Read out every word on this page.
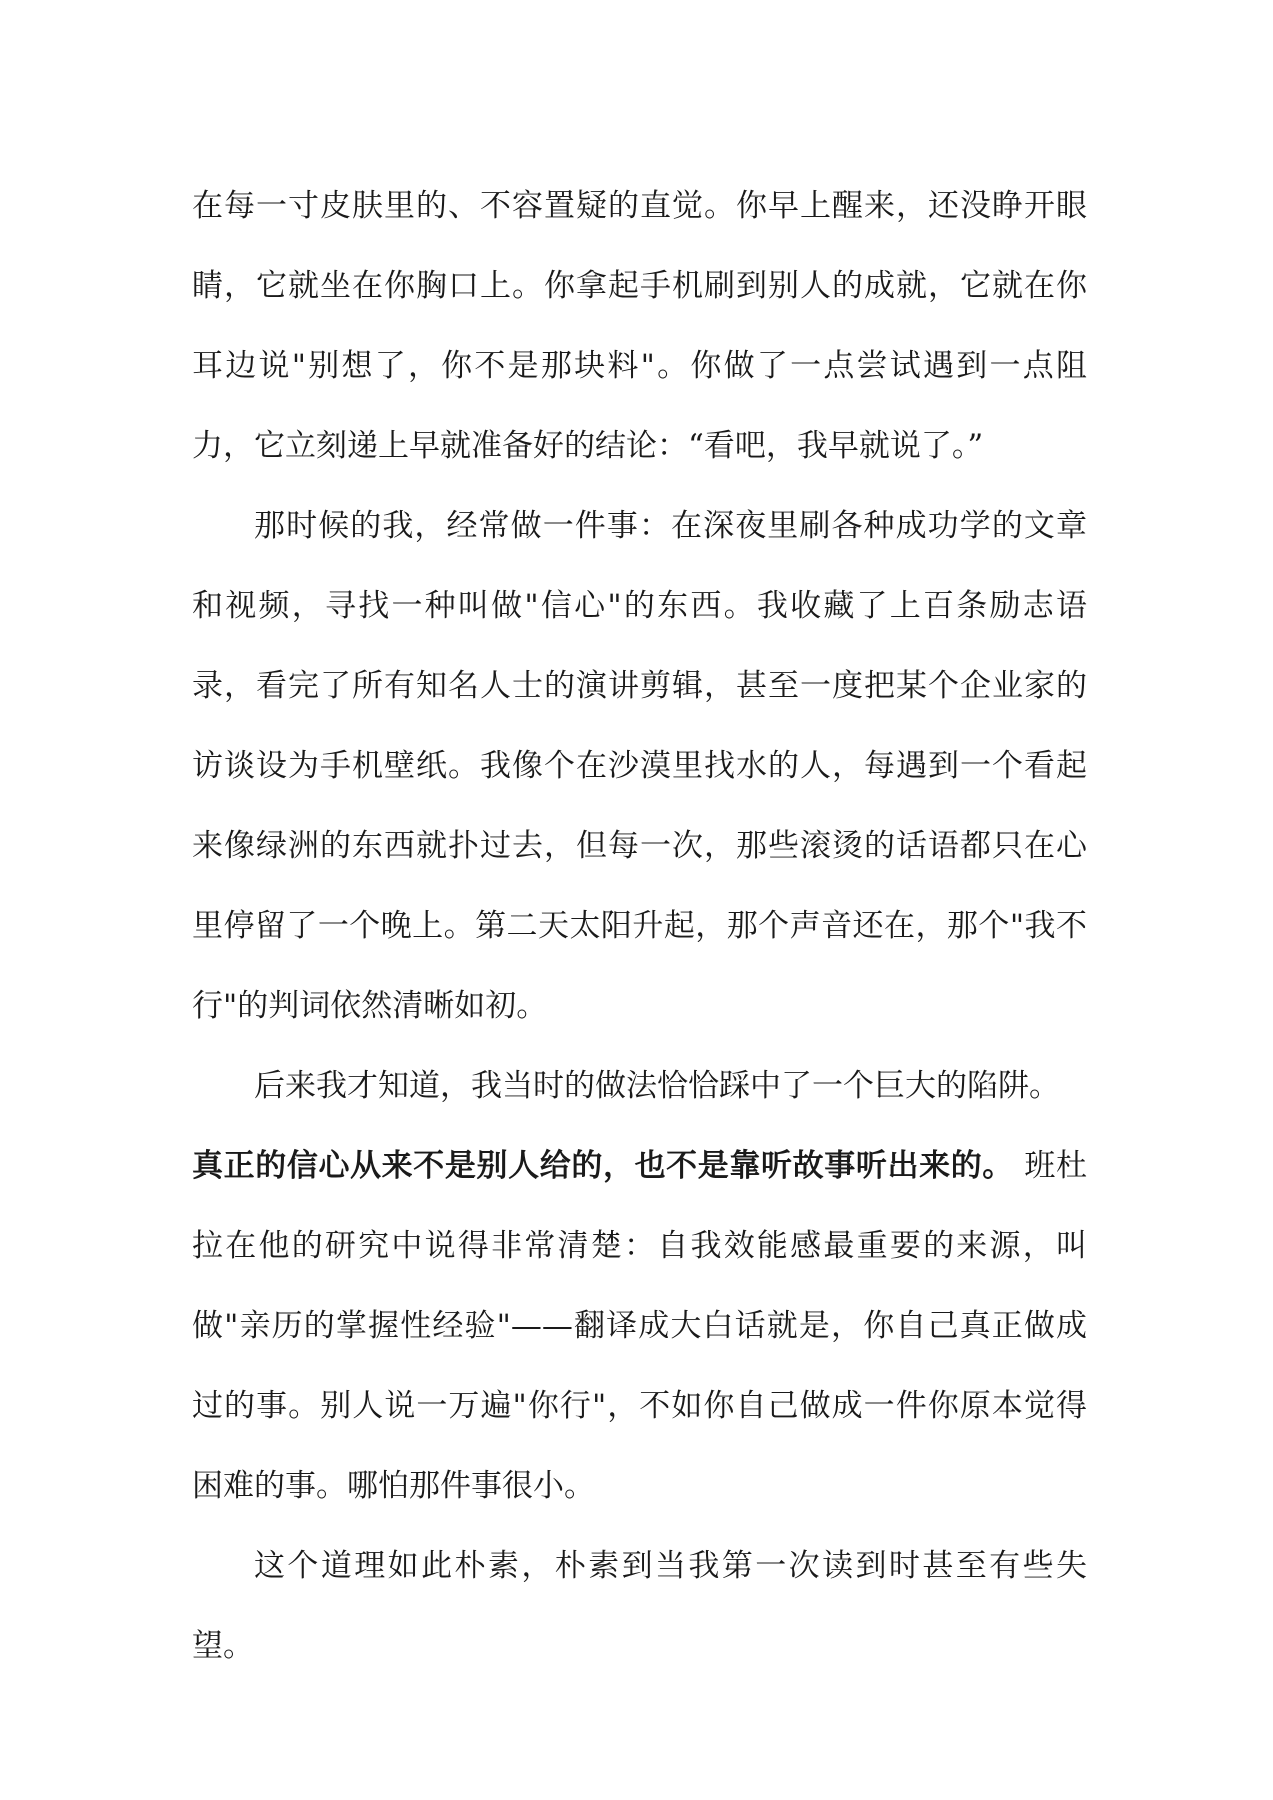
在每一寸皮肤里的、不容置疑的直觉。你早上醒来，还没睁开眼睛，它就坐在你胸口上。你拿起手机刷到别人的成就，它就在你耳边说"别想了，你不是那块料"。你做了一点尝试遇到一点阻力，它立刻递上早就准备好的结论：“看吧，我早就说了。”

那时候的我，经常做一件事：在深夜里刷各种成功学的文章和视频，寻找一种叫做"信心"的东西。我收藏了上百条励志语录，看完了所有知名人士的演讲剪辑，甚至一度把某个企业家的访谈设为手机壁纸。我像个在沙漠里找水的人，每遇到一个看起来像绿洲的东西就扑过去，但每一次，那些滚烫的话语都只在心里停留了一个晚上。第二天太阳升起，那个声音还在，那个"我不行"的判词依然清晰如初。

后来我才知道，我当时的做法恰恰踩中了一个巨大的陷阱。

真正的信心从来不是别人给的，也不是靠听故事听出来的。 班杜拉在他的研究中说得非常清楚：自我效能感最重要的来源，叫做"亲历的掌握性经验"——翻译成大白话就是，你自己真正做成过的事。别人说一万遍"你行"，不如你自己做成一件你原本觉得困难的事。哪怕那件事很小。

这个道理如此朴素，朴素到当我第一次读到时甚至有些失望。
